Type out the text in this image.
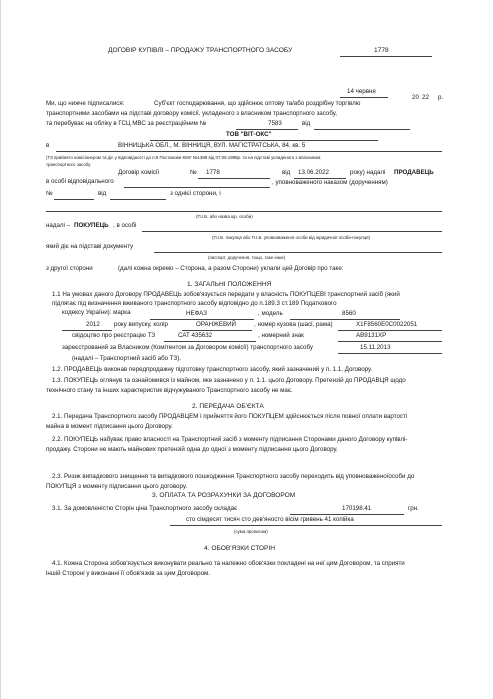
ДОГОВІР КУПІВЛІ – ПРОДАЖУ ТРАНСПОРТНОГО ЗАСОБУ	1778
14 червня
20 22 р.
Ми, що нижче підписалися:	Суб'єкт господарювання, що здійснює оптову та/або роздрібну торгівлю
транспортними засобами на підставі договору комісії, укладеного з власником транспортного засобу,
та перебуває на обліку в ГСЦ МВС за реєстраційним №	7583	від
ТОВ "ВІТ-ОКС"
в	ВІННИЦЬКА ОБЛ., М. ВІННИЦЯ, ВУЛ. МАГІСТРАТСЬКА, 84, кв. 5
(ТЗ прийнято комісіонером та діє у відповідності до п.8 Постанови КМУ №1388 від 07.09.1998р. та на підставі укладеного з власником
транспортного засобу
Договір комісії	№ 1778	від 13.06.2022	року) надалі ПРОДАВЕЦЬ
в особі відповідального	, уповноваженого наказом (дорученням)
№	від	з однієї сторони, і
(П.І.Б. або назва юр. особи)
надалі – ПОКУПЕЦЬ , в особі
(П.І.Б. покупця або П.І.Б. уповноваженої особи від юридичної особи-покупця)
який діє на підставі документу
(паспорт, доручення, тощо, таке інше)
з другої сторони	(далі кожна окремо – Сторона, а разом Сторони) уклали цей Договір про таке:
1. ЗАГАЛЬНІ ПОЛОЖЕННЯ
1.1 На умовах даного Договору ПРОДАВЕЦЬ зобов'язується передати у власність ПОКУПЦЕВІ транспортний засіб (який
підлягає під визначення вживаного транспортного засобу відповідно до п.189.3 ст.189 Податкового
кодексу України): марка	НЕФАЗ	, модель	8560
2012 року випуску, колір	ОРАНЖЕВИЙ	, номер кузова (шасі, рама)	X1F8560E0C0022051
свідоцтво про реєстрацію ТЗ	САТ 435632	, номерний знак	АВ9131ХР
зареєстрований за Власником (Комітентом за Договором комісії) транспортного засобу	15.11.2013
(надалі – Транспортний засіб або ТЗ).
1.2. ПРОДАВЕЦЬ виконав передпродажну підготовку транспортного засобу, який зазначений у п. 1.1. Договору.
1.3. ПОКУПЕЦЬ оглянув та ознайомився із майном, яке зазначено у п. 1.1. цього Договору. Претензій до ПРОДАВЦЯ щодо
технічного стану та інших характеристик відчужуваного Транспортного засобу не має.
2. ПЕРЕДАЧА ОБ'ЄКТА
2.1. Передача Транспортного засобу ПРОДАВЦЕМ і прийняття його ПОКУПЦЕМ здійснюється після повної оплати вартості
майна в момент підписання цього Договору.
2.2. ПОКУПЕЦЬ набуває право власності на Транспортний засіб з моменту підписання Сторонами даного Договору купівлі-
продажу. Сторони не мають майнових претензій одна до одної з моменту підписання цього Договору.
2.3. Ризик випадкового знищення та випадкового пошкодження Транспортного засобу переходить від уповноваженоїособи до
ПОКУПЦЯ з моменту підписання цього договору.
3. ОПЛАТА ТА РОЗРАХУНКИ ЗА ДОГОВОРОМ
3.1. За домовленістю Сторін ціна Транспортного засобу складає	170198.41	грн.
сто сімдесят тисяч сто дев'яносто вісім гривень 41 копійка
(сума прописом)
4. ОБОВ'ЯЗКИ СТОРІН
4.1. Кожна Сторона зобов'язується виконувати реально та належно обов'язки покладені на неї цим Договором, та сприяти
іншій Стороні у виконанні її обов'язків за цим Договором.
